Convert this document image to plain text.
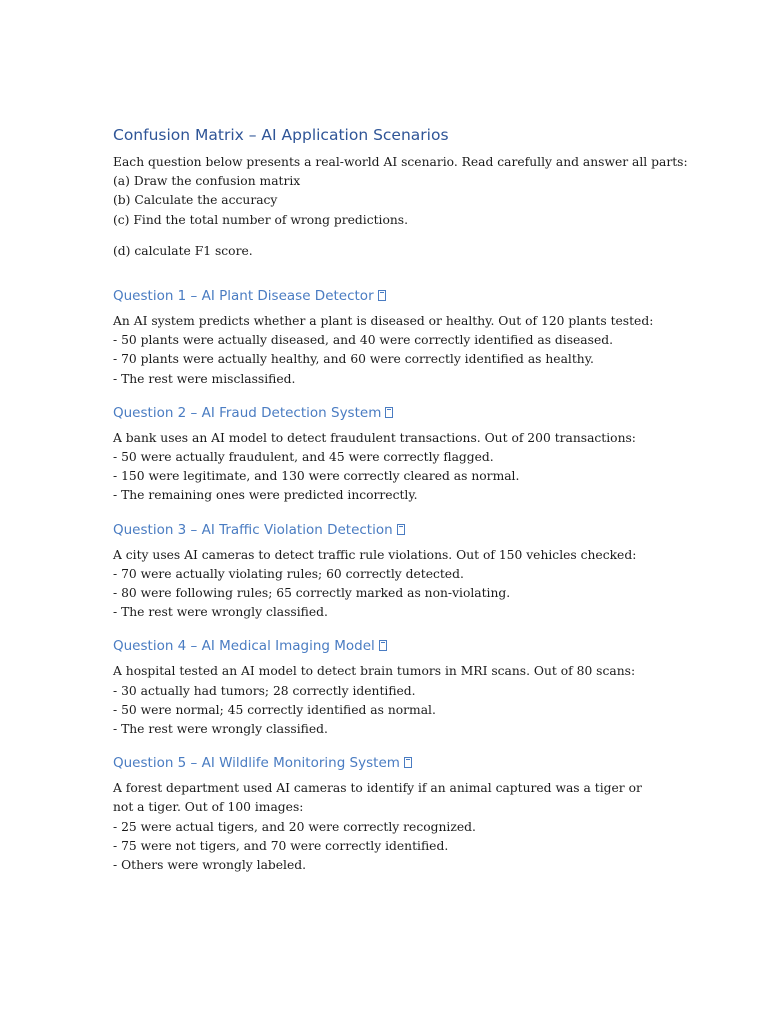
Confusion Matrix – AI Application Scenarios
Each question below presents a real-world AI scenario. Read carefully and answer all parts:
(a) Draw the confusion matrix
(b) Calculate the accuracy
(c) Find the total number of wrong predictions.
(d) calculate F1 score.
Question 1 – AI Plant Disease Detector
An AI system predicts whether a plant is diseased or healthy. Out of 120 plants tested:
- 50 plants were actually diseased, and 40 were correctly identified as diseased.
- 70 plants were actually healthy, and 60 were correctly identified as healthy.
- The rest were misclassified.
Question 2 – AI Fraud Detection System
A bank uses an AI model to detect fraudulent transactions. Out of 200 transactions:
- 50 were actually fraudulent, and 45 were correctly flagged.
- 150 were legitimate, and 130 were correctly cleared as normal.
- The remaining ones were predicted incorrectly.
Question 3 – AI Traffic Violation Detection
A city uses AI cameras to detect traffic rule violations. Out of 150 vehicles checked:
- 70 were actually violating rules; 60 correctly detected.
- 80 were following rules; 65 correctly marked as non-violating.
- The rest were wrongly classified.
Question 4 – AI Medical Imaging Model
A hospital tested an AI model to detect brain tumors in MRI scans. Out of 80 scans:
- 30 actually had tumors; 28 correctly identified.
- 50 were normal; 45 correctly identified as normal.
- The rest were wrongly classified.
Question 5 – AI Wildlife Monitoring System
A forest department used AI cameras to identify if an animal captured was a tiger or not a tiger. Out of 100 images:
- 25 were actual tigers, and 20 were correctly recognized.
- 75 were not tigers, and 70 were correctly identified.
- Others were wrongly labeled.
